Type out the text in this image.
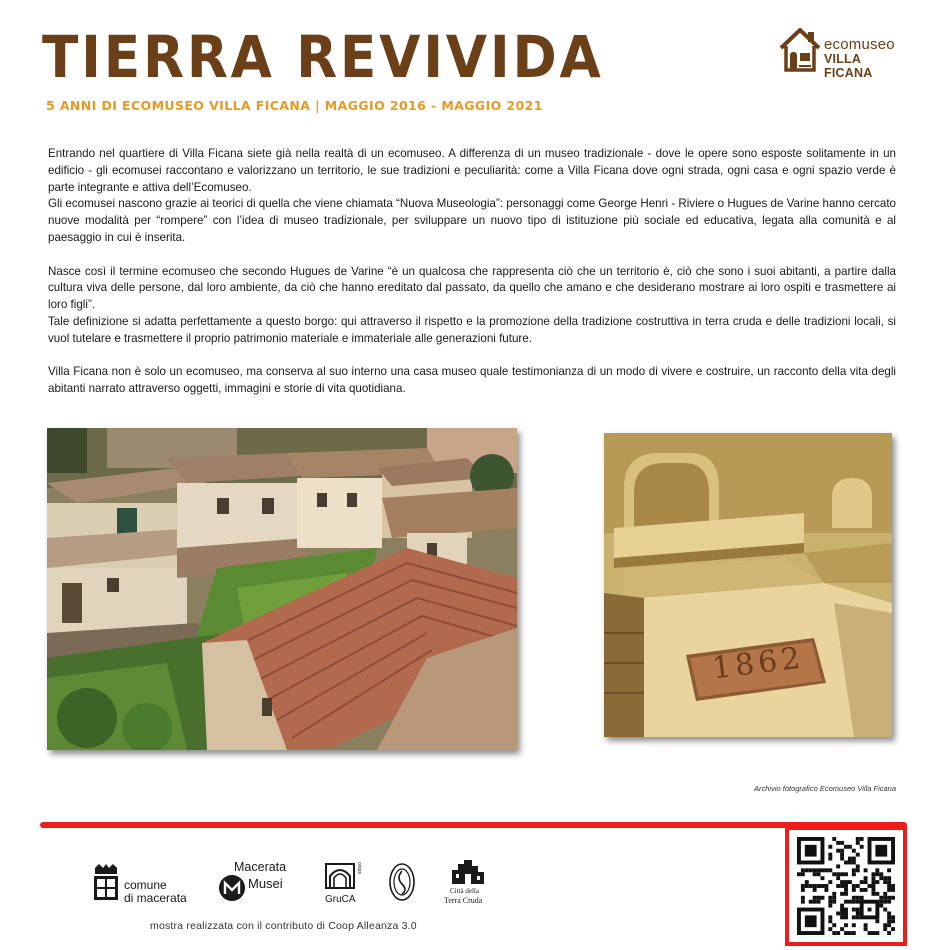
TIERRA REVIVIDA
5 ANNI DI ECOMUSEO VILLA FICANA | MAGGIO 2016 - MAGGIO 2021
ecomuseo
VILLA FICANA

Entrando nel quartiere di Villa Ficana siete già nella realtà di un ecomuseo. A differenza di un museo tradizionale - dove le opere sono esposte solitamente in un edificio - gli ecomusei raccontano e valorizzano un territorio, le sue tradizioni e peculiarità: come a Villa Ficana dove ogni strada, ogni casa e ogni spazio verde è parte integrante e attiva dell’Ecomuseo.

Gli ecomusei nascono grazie ai teorici di quella che viene chiamata “Nuova Museologia”: personaggi come George Henri - Riviere o Hugues de Varine hanno cercato nuove modalità per “rompere” con l’idea di museo tradizionale, per sviluppare un nuovo tipo di istituzione più sociale ed educativa, legata alla comunità e al paesaggio in cui è inserita.

Nasce così il termine ecomuseo che secondo Hugues de Varine “è un qualcosa che rappresenta ciò che un territorio è, ciò che sono i suoi abitanti, a partire dalla cultura viva delle persone, dal loro ambiente, da ciò che hanno ereditato dal passato, da quello che amano e che desiderano mostrare ai loro ospiti e trasmettere ai loro figli”.

Tale definizione si adatta perfettamente a questo borgo: qui attraverso il rispetto e la promozione della tradizione costruttiva in terra cruda e delle tradizioni locali, si vuol tutelare e trasmettere il proprio patrimonio materiale e immateriale alle generazioni future.

Villa Ficana non è solo un ecomuseo, ma conserva al suo interno una casa museo quale testimonianza di un modo di vivere e costruire, un racconto della vita degli abitanti narrato attraverso oggetti, immagini e storie di vita quotidiana.

1862
Archivio fotografico Ecomuseo Villa Ficana
comune
di macerata
Macerata
Musei
onlus
GruCA
Città della
Terra Cruda
mostra realizzata con il contributo di Coop Alleanza 3.0
